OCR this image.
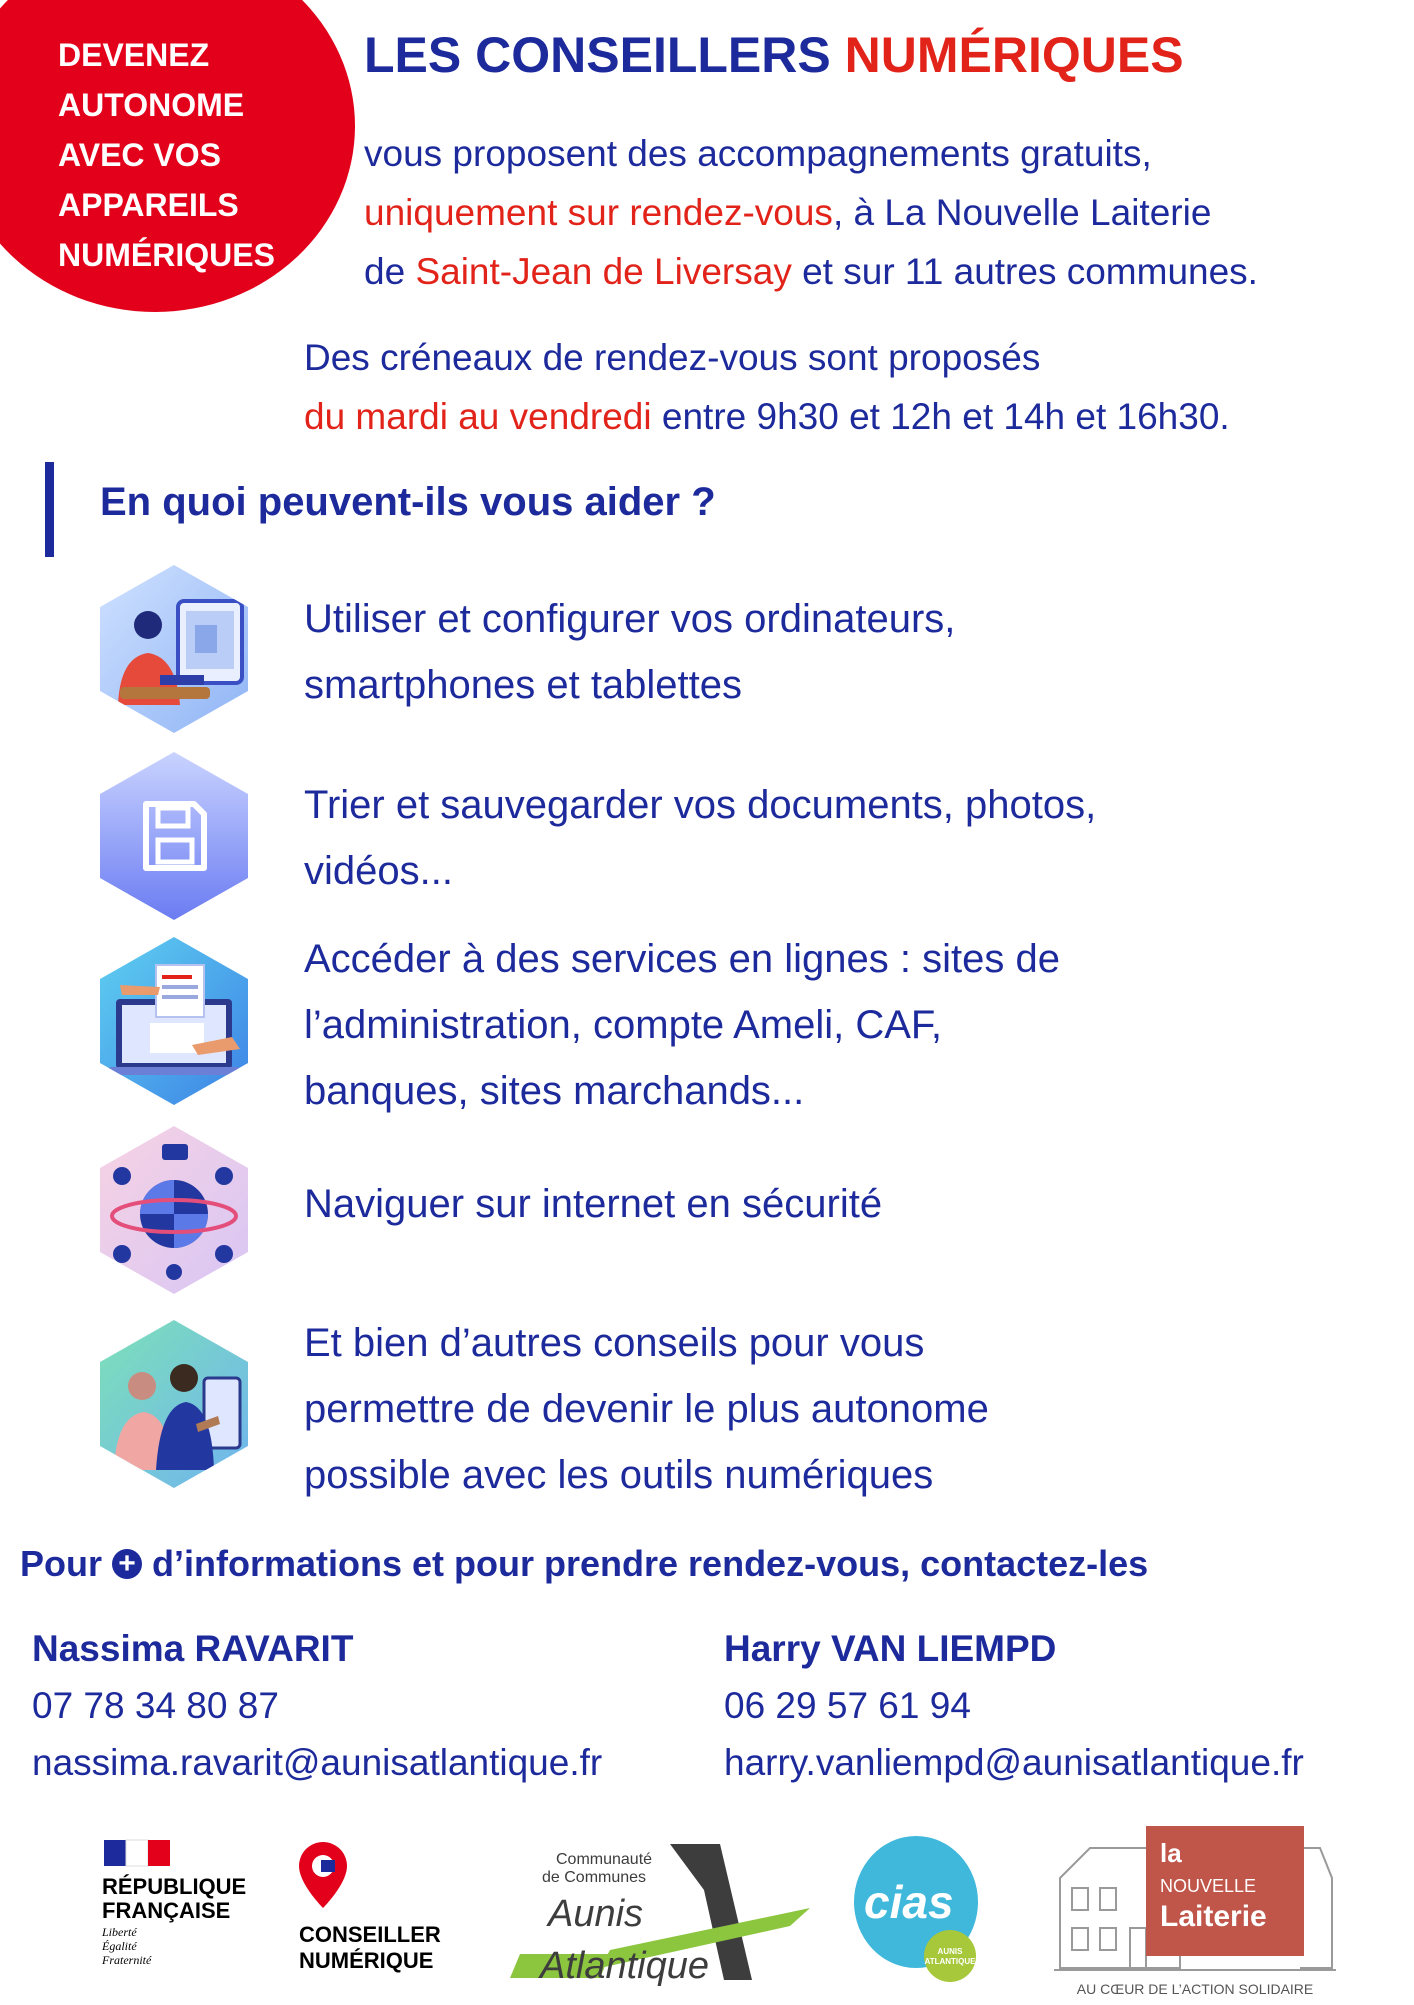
DEVENEZ
AUTONOME
AVEC VOS
APPAREILS
NUMÉRIQUES
LES CONSEILLERS NUMÉRIQUES
vous proposent des accompagnements gratuits,
uniquement sur rendez-vous, à La Nouvelle Laiterie
de Saint-Jean de Liversay et sur 11 autres communes.
Des créneaux de rendez-vous sont proposés
du mardi au vendredi entre 9h30 et 12h et 14h et 16h30.
En quoi peuvent-ils vous aider ?
Utiliser et configurer vos ordinateurs,
smartphones et tablettes
Trier et sauvegarder vos documents, photos,
vidéos...
Accéder à des services en lignes : sites de
l’administration, compte Ameli, CAF,
banques, sites marchands...
Naviguer sur internet en sécurité
Et bien d’autres conseils pour vous
permettre de devenir le plus autonome
possible avec les outils numériques
Pour + d’informations et pour prendre rendez-vous, contactez-les
Nassima RAVARIT
07 78 34 80 87
nassima.ravarit@aunisatlantique.fr
Harry VAN LIEMPD
06 29 57 61 94
harry.vanliempd@aunisatlantique.fr
RÉPUBLIQUE
FRANÇAISE
Liberté
Égalité
Fraternité
CONSEILLER
NUMÉRIQUE
Communauté
de Communes
Aunis
Atlantique
cias
AUNIS
ATLANTIQUE
la
NOUVELLE
Laiterie
AU CŒUR DE L’ACTION SOLIDAIRE
